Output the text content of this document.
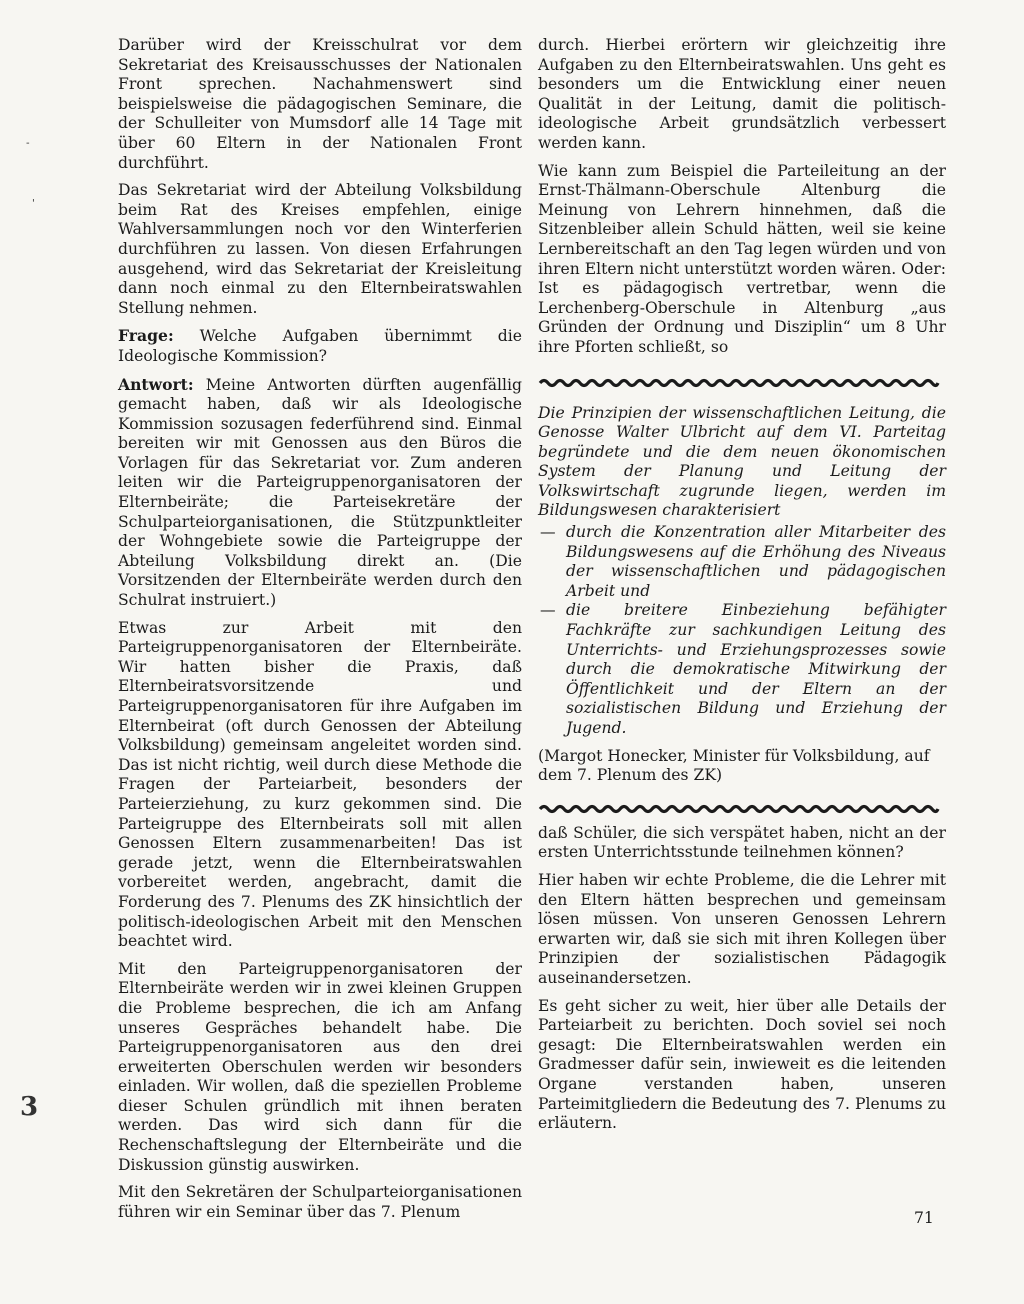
-
'
3

Darüber wird der Kreisschulrat vor dem Sekretariat des Kreisausschusses der Nationalen Front sprechen. Nachahmenswert sind beispielsweise die pädagogischen Seminare, die der Schulleiter von Mumsdorf alle 14 Tage mit über 60 Eltern in der Nationalen Front durchführt.

Das Sekretariat wird der Abteilung Volksbildung beim Rat des Kreises empfehlen, einige Wahlversammlungen noch vor den Winterferien durchführen zu lassen. Von diesen Erfahrungen ausgehend, wird das Sekretariat der Kreisleitung dann noch einmal zu den Elternbeiratswahlen Stellung nehmen.

Frage: Welche Aufgaben übernimmt die Ideologische Kommission?

Antwort: Meine Antworten dürften augenfällig gemacht haben, daß wir als Ideologische Kommission sozusagen federführend sind. Einmal bereiten wir mit Genossen aus den Büros die Vorlagen für das Sekretariat vor. Zum anderen leiten wir die Parteigruppenorganisatoren der Elternbeiräte; die Parteisekretäre der Schulparteiorganisationen, die Stützpunktleiter der Wohngebiete sowie die Parteigruppe der Abteilung Volksbildung direkt an. (Die Vorsitzenden der Elternbeiräte werden durch den Schulrat instruiert.)

Etwas zur Arbeit mit den Parteigruppenorganisatoren der Elternbeiräte. Wir hatten bisher die Praxis, daß Elternbeiratsvorsitzende und Parteigruppenorganisatoren für ihre Aufgaben im Elternbeirat (oft durch Genossen der Abteilung Volksbildung) gemeinsam angeleitet worden sind. Das ist nicht richtig, weil durch diese Methode die Fragen der Parteiarbeit, besonders der Parteierziehung, zu kurz gekommen sind. Die Parteigruppe des Elternbeirats soll mit allen Genossen Eltern zusammenarbeiten! Das ist gerade jetzt, wenn die Elternbeiratswahlen vorbereitet werden, angebracht, damit die Forderung des 7. Plenums des ZK hinsichtlich der politisch-ideologischen Arbeit mit den Menschen beachtet wird.

Mit den Parteigruppenorganisatoren der Elternbeiräte werden wir in zwei kleinen Gruppen die Probleme besprechen, die ich am Anfang unseres Gespräches behandelt habe. Die Parteigruppenorganisatoren aus den drei erweiterten Oberschulen werden wir besonders einladen. Wir wollen, daß die speziellen Probleme dieser Schulen gründlich mit ihnen beraten werden. Das wird sich dann für die Rechenschaftslegung der Elternbeiräte und die Diskussion günstig auswirken.

Mit den Sekretären der Schulparteiorganisationen führen wir ein Seminar über das 7. Plenum

durch. Hierbei erörtern wir gleichzeitig ihre Aufgaben zu den Elternbeiratswahlen. Uns geht es besonders um die Entwicklung einer neuen Qualität in der Leitung, damit die politisch-ideologische Arbeit grundsätzlich verbessert werden kann.

Wie kann zum Beispiel die Parteileitung an der Ernst-Thälmann-Oberschule Altenburg die Meinung von Lehrern hinnehmen, daß die Sitzenbleiber allein Schuld hätten, weil sie keine Lernbereitschaft an den Tag legen würden und von ihren Eltern nicht unterstützt worden wären. Oder: Ist es pädagogisch vertretbar, wenn die Lerchenberg-Oberschule in Altenburg „aus Gründen der Ordnung und Disziplin“ um 8 Uhr ihre Pforten schließt, so

Die Prinzipien der wissenschaftlichen Leitung, die Genosse Walter Ulbricht auf dem VI. Parteitag begründete und die dem neuen ökonomischen System der Planung und Leitung der Volkswirtschaft zugrunde liegen, werden im Bildungswesen charakterisiert

— durch die Konzentration aller Mitarbeiter des Bildungswesens auf die Erhöhung des Niveaus der wissenschaftlichen und pädagogischen Arbeit und
— die breitere Einbeziehung befähigter Fachkräfte zur sachkundigen Leitung des Unterrichts- und Erziehungsprozesses sowie durch die demokratische Mitwirkung der Öffentlichkeit und der Eltern an der sozialistischen Bildung und Erziehung der Jugend.

(Margot Honecker, Minister für Volksbildung, auf dem 7. Plenum des ZK)

daß Schüler, die sich verspätet haben, nicht an der ersten Unterrichtsstunde teilnehmen können?

Hier haben wir echte Probleme, die die Lehrer mit den Eltern hätten besprechen und gemeinsam lösen müssen. Von unseren Genossen Lehrern erwarten wir, daß sie sich mit ihren Kollegen über Prinzipien der sozialistischen Pädagogik auseinandersetzen.

Es geht sicher zu weit, hier über alle Details der Parteiarbeit zu berichten. Doch soviel sei noch gesagt: Die Elternbeiratswahlen werden ein Gradmesser dafür sein, inwieweit es die leitenden Organe verstanden haben, unseren Parteimitgliedern die Bedeutung des 7. Plenums zu erläutern.

71
